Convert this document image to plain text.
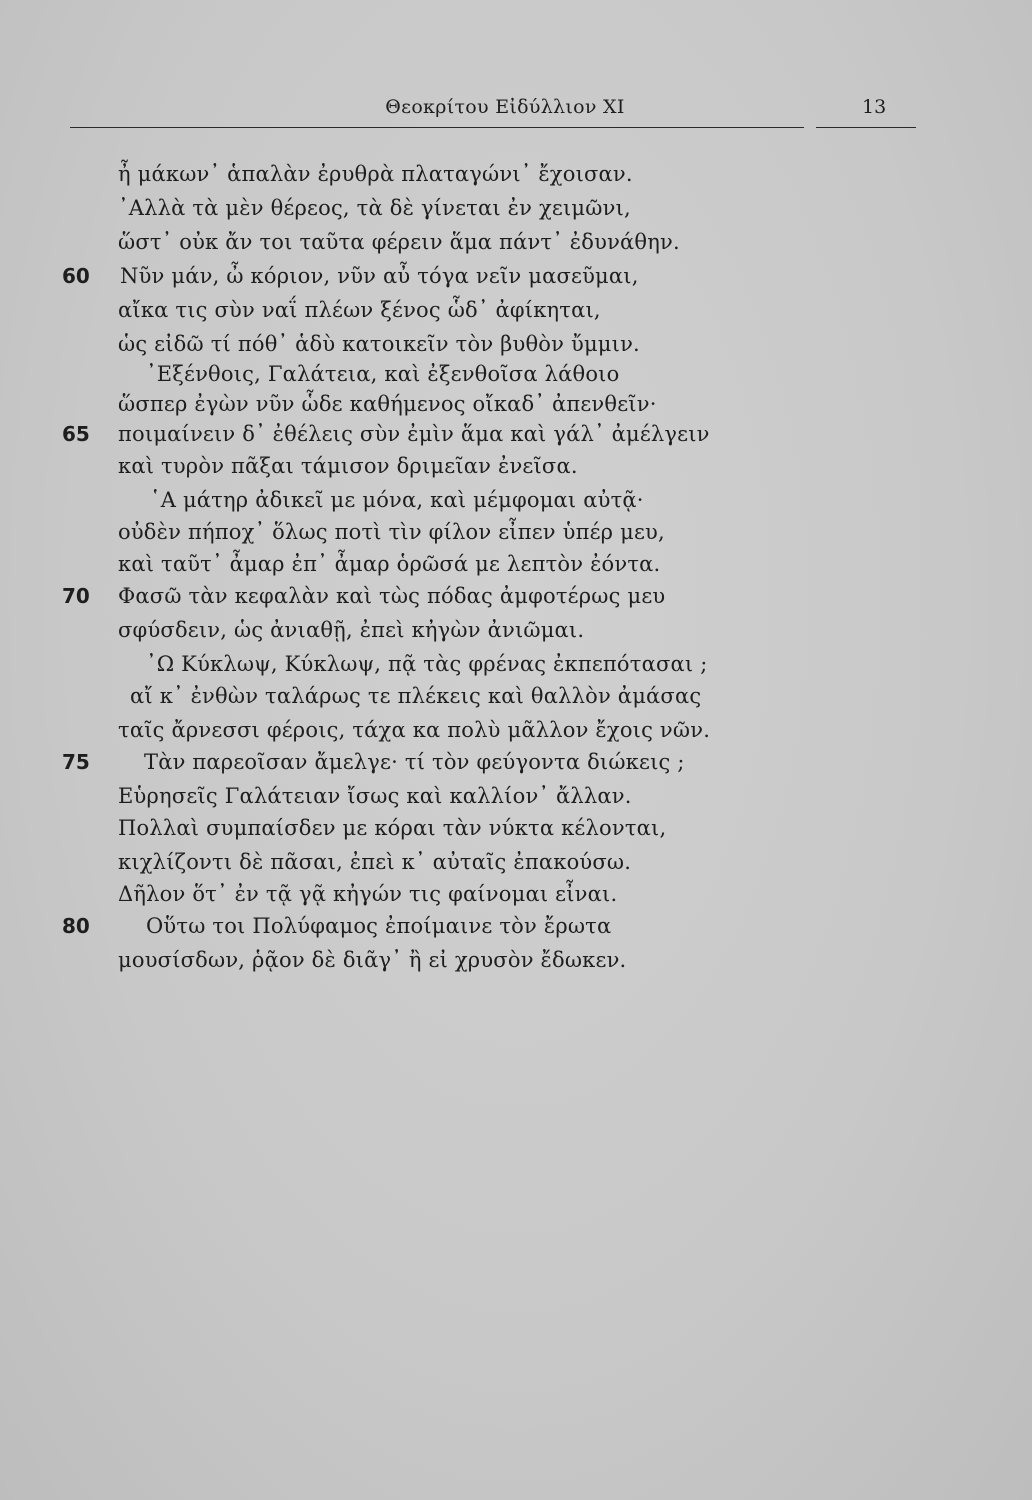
Θεοκρίτου Εἰδύλλιον XI	13
ἦ μάκων᾽ ἁπαλὰν ἐρυθρὰ πλαταγώνι᾽ ἔχοισαν.
᾽Αλλὰ τὰ μὲν θέρεος, τὰ δὲ γίνεται ἐν χειμῶνι,
ὥστ᾽ οὐκ ἄν τοι ταῦτα φέρειν ἅμα πάντ᾽ ἐδυνάθην.
60 Νῦν μάν, ὦ κόριον, νῦν αὖ τόγα νεῖν μασεῦμαι,
αἴκα τις σὺν ναΐ πλέων ξένος ὧδ᾽ ἀφίκηται,
ὡς εἰδῶ τί πόθ᾽ ἁδὺ κατοικεῖν τὸν βυθὸν ὔμμιν.
᾽Εξένθοις, Γαλάτεια, καὶ ἐξενθοῖσα λάθοιο
ὥσπερ ἐγὼν νῦν ὧδε καθήμενος οἴκαδ᾽ ἀπενθεῖν·
65 ποιμαίνειν δ᾽ ἐθέλεις σὺν ἐμὶν ἅμα καὶ γάλ᾽ ἀμέλγειν
καὶ τυρὸν πᾶξαι τάμισον δριμεῖαν ἐνεῖσα.
῾Α μάτηρ ἀδικεῖ με μόνα, καὶ μέμφομαι αὐτᾷ·
οὐδὲν πήποχ᾽ ὅλως ποτὶ τὶν φίλον εἶπεν ὑπέρ μευ,
καὶ ταῦτ᾽ ἆμαρ ἐπ᾽ ἆμαρ ὁρῶσά με λεπτὸν ἐόντα.
70 Φασῶ τὰν κεφαλὰν καὶ τὼς πόδας ἀμφοτέρως μευ
σφύσδειν, ὡς ἀνιαθῇ, ἐπεὶ κἠγὼν ἀνιῶμαι.
᾽Ω Κύκλωψ, Κύκλωψ, πᾷ τὰς φρένας ἐκπεπότασαι ;
αἴ κ᾽ ἐνθὼν ταλάρως τε πλέκεις καὶ θαλλὸν ἀμάσας
ταῖς ἄρνεσσι φέροις, τάχα κα πολὺ μᾶλλον ἔχοις νῶν.
75	Τὰν παρεοῖσαν ἄμελγε· τί τὸν φεύγοντα διώκεις ;
Εὑρησεῖς Γαλάτειαν ἴσως καὶ καλλίον᾽ ἄλλαν.
Πολλαὶ συμπαίσδεν με κόραι τὰν νύκτα κέλονται,
κιχλίζοντι δὲ πᾶσαι, ἐπεὶ κ᾽ αὐταῖς ἐπακούσω.
Δῆλον ὅτ᾽ ἐν τᾷ γᾷ κἠγών τις φαίνομαι εἶναι.
80	Οὕτω τοι Πολύφαμος ἐποίμαινε τὸν ἔρωτα
μουσίσδων, ῥᾷον δὲ διᾶγ᾽ ἢ εἰ χρυσὸν ἔδωκεν.
